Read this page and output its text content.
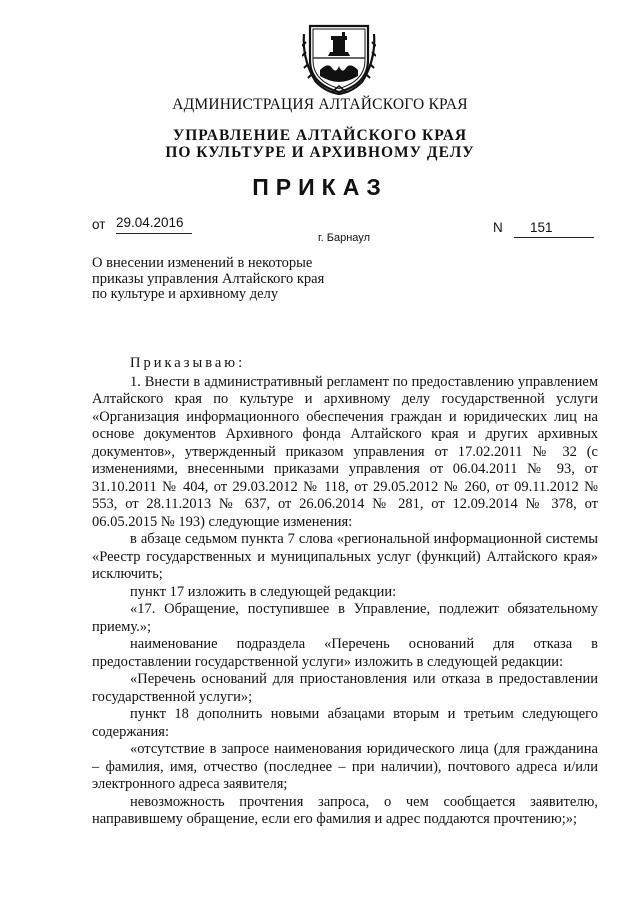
АДМИНИСТРАЦИЯ АЛТАЙСКОГО КРАЯ
УПРАВЛЕНИЕ АЛТАЙСКОГО КРАЯ
ПО КУЛЬТУРЕ И АРХИВНОМУ ДЕЛУ
ПРИКАЗ
от 29.04.2016
г. Барнаул
N	151
О внесении изменений в некоторые
приказы управления Алтайского края
по культуре и архивному делу

Приказываю:

1. Внести в административный регламент по предоставлению управлением Алтайского края по культуре и архивному делу государственной услуги «Организация информационного обеспечения граждан и юридических лиц на основе документов Архивного фонда Алтайского края и других архивных документов», утвержденный приказом управления от 17.02.2011 № 32 (с изменениями, внесенными приказами управления от 06.04.2011 № 93, от 31.10.2011 № 404, от 29.03.2012 № 118, от 29.05.2012 № 260, от 09.11.2012 № 553, от 28.11.2013 № 637, от 26.06.2014 № 281, от 12.09.2014 № 378, от 06.05.2015 № 193) следующие изменения:

в абзаце седьмом пункта 7 слова «региональной информационной системы «Реестр государственных и муниципальных услуг (функций) Алтайского края» исключить;

пункт 17 изложить в следующей редакции:

«17. Обращение, поступившее в Управление, подлежит обязательному приему.»;

наименование подраздела «Перечень оснований для отказа в предоставлении государственной услуги» изложить в следующей редакции:

«Перечень оснований для приостановления или отказа в предоставлении государственной услуги»;

пункт 18 дополнить новыми абзацами вторым и третьим следующего содержания:

«отсутствие в запросе наименования юридического лица (для гражданина – фамилия, имя, отчество (последнее – при наличии), почтового адреса и/или электронного адреса заявителя;

невозможность прочтения запроса, о чем сообщается заявителю, направившему обращение, если его фамилия и адрес поддаются прочтению;»;
